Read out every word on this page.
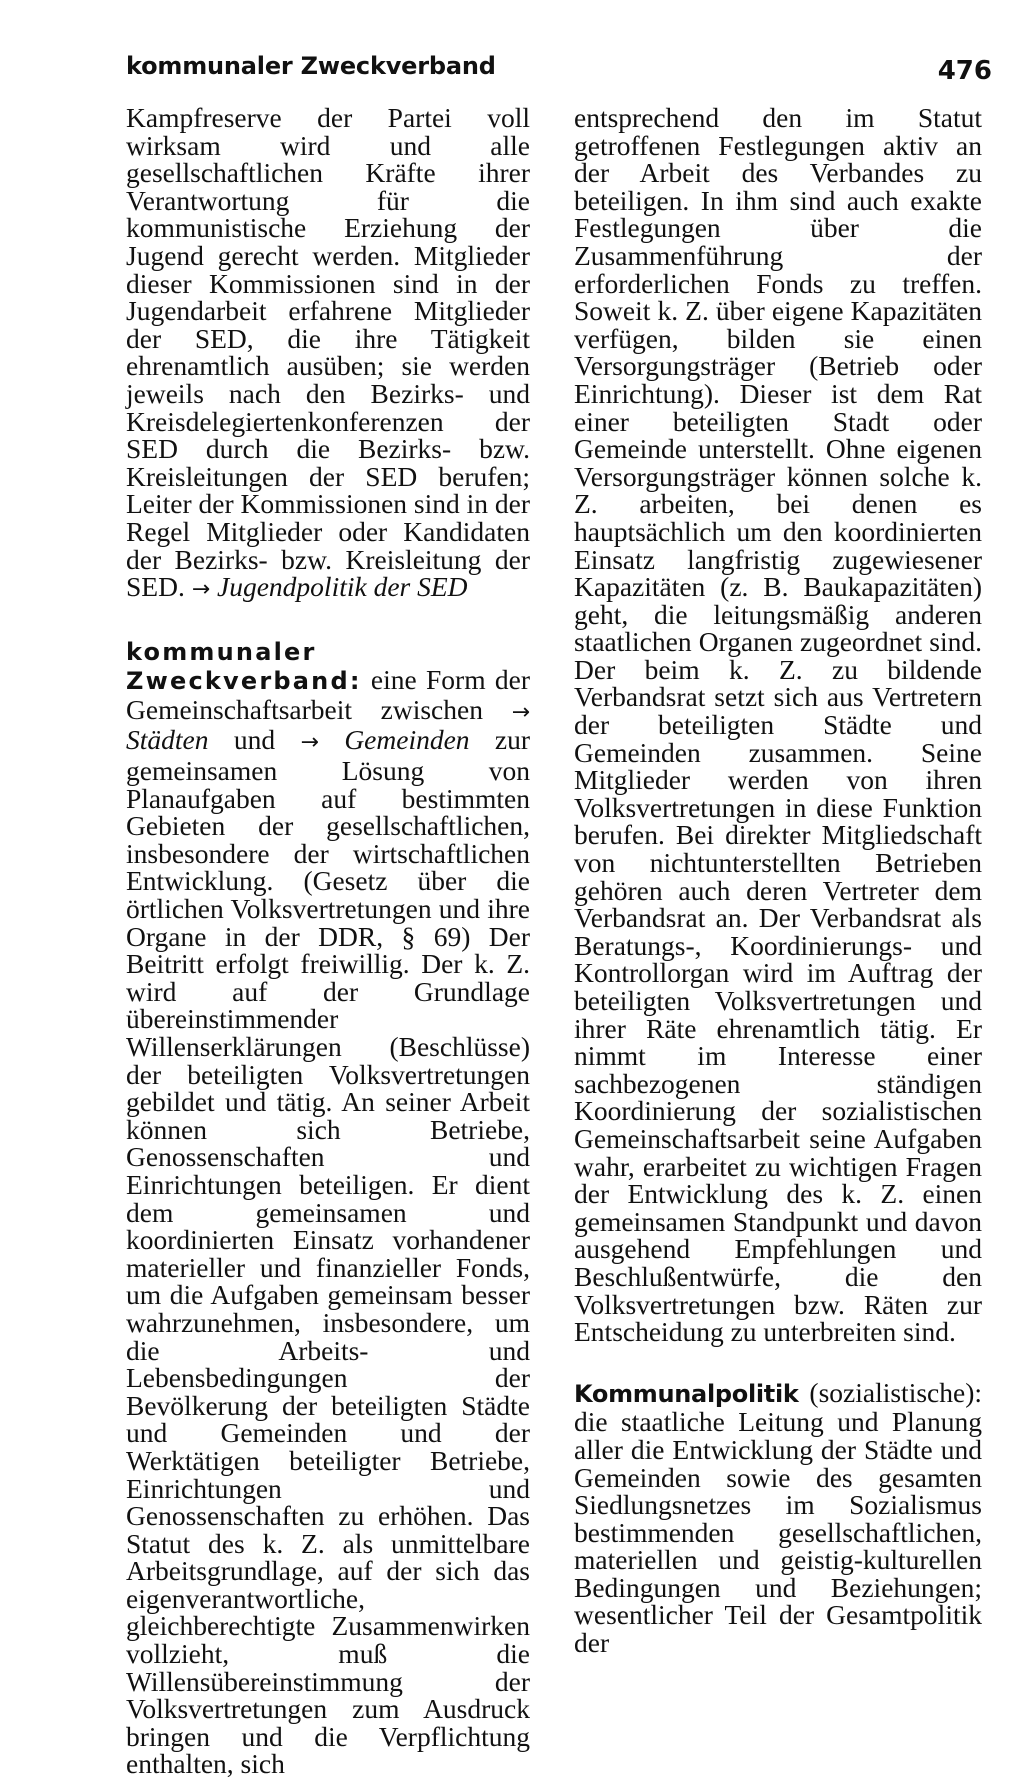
kommunaler Zweckverband	476

Kampfreserve der Partei voll wirksam wird und alle gesellschaftlichen Kräfte ihrer Verantwortung für die kommunistische Erziehung der Jugend gerecht werden. Mitglieder dieser Kommissionen sind in der Jugendarbeit erfahrene Mitglieder der SED, die ihre Tätigkeit ehrenamtlich ausüben; sie werden jeweils nach den Bezirks- und Kreisdelegiertenkonferenzen der SED durch die Bezirks- bzw. Kreisleitungen der SED berufen; Leiter der Kommissionen sind in der Regel Mitglieder oder Kandidaten der Bezirks- bzw. Kreisleitung der SED. → Jugendpolitik der SED

kommunaler Zweckverband: eine Form der Gemeinschaftsarbeit zwischen → Städten und → Gemeinden zur gemeinsamen Lösung von Planaufgaben auf bestimmten Gebieten der gesellschaftlichen, insbesondere der wirtschaftlichen Entwicklung. (Gesetz über die örtlichen Volksvertretungen und ihre Organe in der DDR, § 69) Der Beitritt erfolgt freiwillig. Der k. Z. wird auf der Grundlage übereinstimmender Willenserklärungen (Beschlüsse) der beteiligten Volksvertretungen gebildet und tätig. An seiner Arbeit können sich Betriebe, Genossenschaften und Einrichtungen beteiligen. Er dient dem gemeinsamen und koordinierten Einsatz vorhandener materieller und finanzieller Fonds, um die Aufgaben gemeinsam besser wahrzunehmen, insbesondere, um die Arbeits- und Lebensbedingungen der Bevölkerung der beteiligten Städte und Gemeinden und der Werktätigen beteiligter Betriebe, Einrichtungen und Genossenschaften zu erhöhen. Das Statut des k. Z. als unmittelbare Arbeitsgrundlage, auf der sich das eigenverantwortliche, gleichberechtigte Zusammenwirken vollzieht, muß die Willensübereinstimmung der Volksvertretungen zum Ausdruck bringen und die Verpflichtung enthalten, sich

entsprechend den im Statut getroffenen Festlegungen aktiv an der Arbeit des Verbandes zu beteiligen. In ihm sind auch exakte Festlegungen über die Zusammenführung der erforderlichen Fonds zu treffen. Soweit k. Z. über eigene Kapazitäten verfügen, bilden sie einen Versorgungsträger (Betrieb oder Einrichtung). Dieser ist dem Rat einer beteiligten Stadt oder Gemeinde unterstellt. Ohne eigenen Versorgungsträger können solche k. Z. arbeiten, bei denen es hauptsächlich um den koordinierten Einsatz langfristig zugewiesener Kapazitäten (z. B. Baukapazitäten) geht, die leitungsmäßig anderen staatlichen Organen zugeordnet sind. Der beim k. Z. zu bildende Verbandsrat setzt sich aus Vertretern der beteiligten Städte und Gemeinden zusammen. Seine Mitglieder werden von ihren Volksvertretungen in diese Funktion berufen. Bei direkter Mitgliedschaft von nichtunterstellten Betrieben gehören auch deren Vertreter dem Verbandsrat an. Der Verbandsrat als Beratungs-, Koordinierungs- und Kontrollorgan wird im Auftrag der beteiligten Volksvertretungen und ihrer Räte ehrenamtlich tätig. Er nimmt im Interesse einer sachbezogenen ständigen Koordinierung der sozialistischen Gemeinschaftsarbeit seine Aufgaben wahr, erarbeitet zu wichtigen Fragen der Entwicklung des k. Z. einen gemeinsamen Standpunkt und davon ausgehend Empfehlungen und Beschlußentwürfe, die den Volksvertretungen bzw. Räten zur Entscheidung zu unterbreiten sind.

Kommunalpolitik (sozialistische): die staatliche Leitung und Planung aller die Entwicklung der Städte und Gemeinden sowie des gesamten Siedlungsnetzes im Sozialismus bestimmenden gesellschaftlichen, materiellen und geistig-kulturellen Bedingungen und Beziehungen; wesentlicher Teil der Gesamtpolitik der
